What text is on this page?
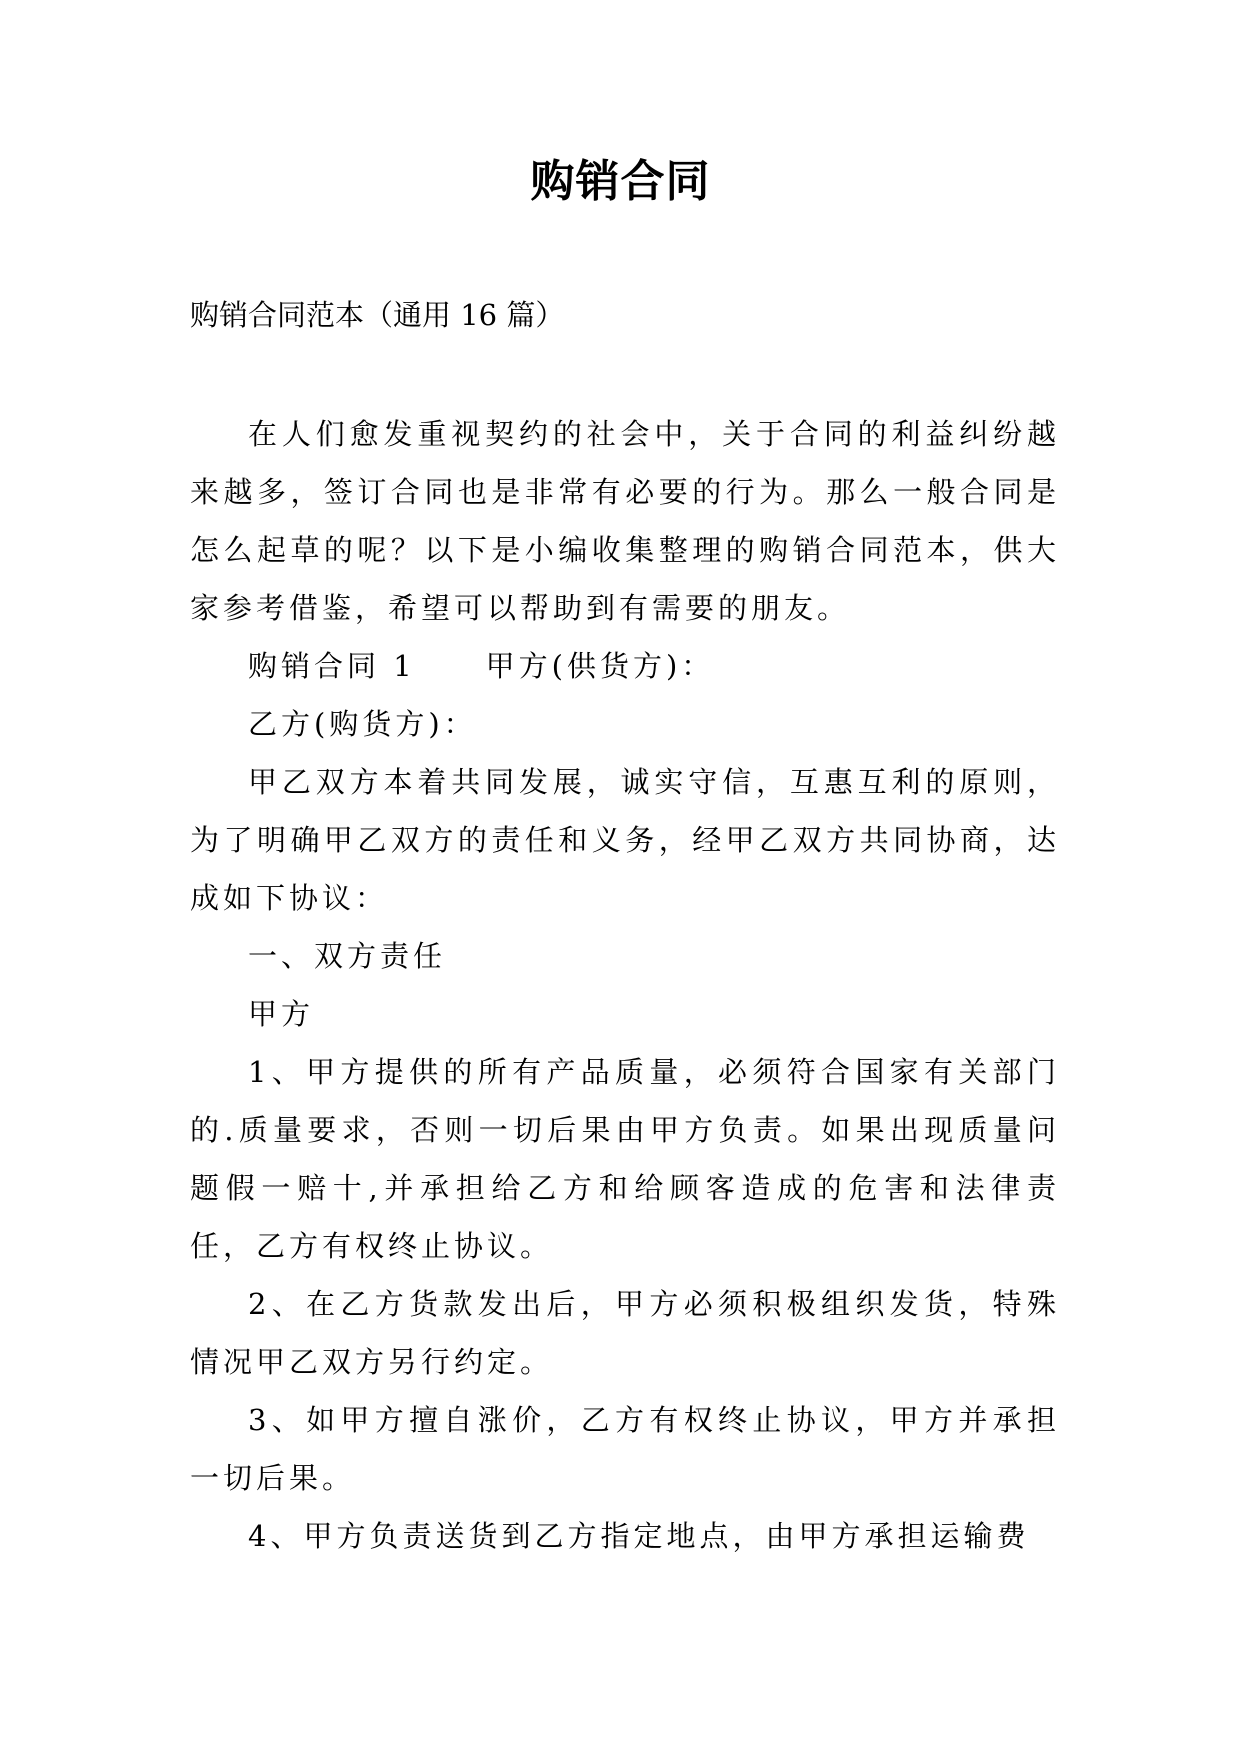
购销合同

购销合同范本（通用 16 篇）

在人们愈发重视契约的社会中，关于合同的利益纠纷越来越多，签订合同也是非常有必要的行为。那么一般合同是怎么起草的呢？以下是小编收集整理的购销合同范本，供大家参考借鉴，希望可以帮助到有需要的朋友。

购销合同 1 甲方(供货方)：

乙方(购货方)：

甲乙双方本着共同发展，诚实守信，互惠互利的原则，为了明确甲乙双方的责任和义务，经甲乙双方共同协商，达成如下协议：

一、双方责任

甲方

1、甲方提供的所有产品质量，必须符合国家有关部门的.质量要求，否则一切后果由甲方负责。如果出现质量问题假一赔十,并承担给乙方和给顾客造成的危害和法律责任，乙方有权终止协议。

2、在乙方货款发出后，甲方必须积极组织发货，特殊情况甲乙双方另行约定。

3、如甲方擅自涨价，乙方有权终止协议，甲方并承担一切后果。

4、甲方负责送货到乙方指定地点，由甲方承担运输费
